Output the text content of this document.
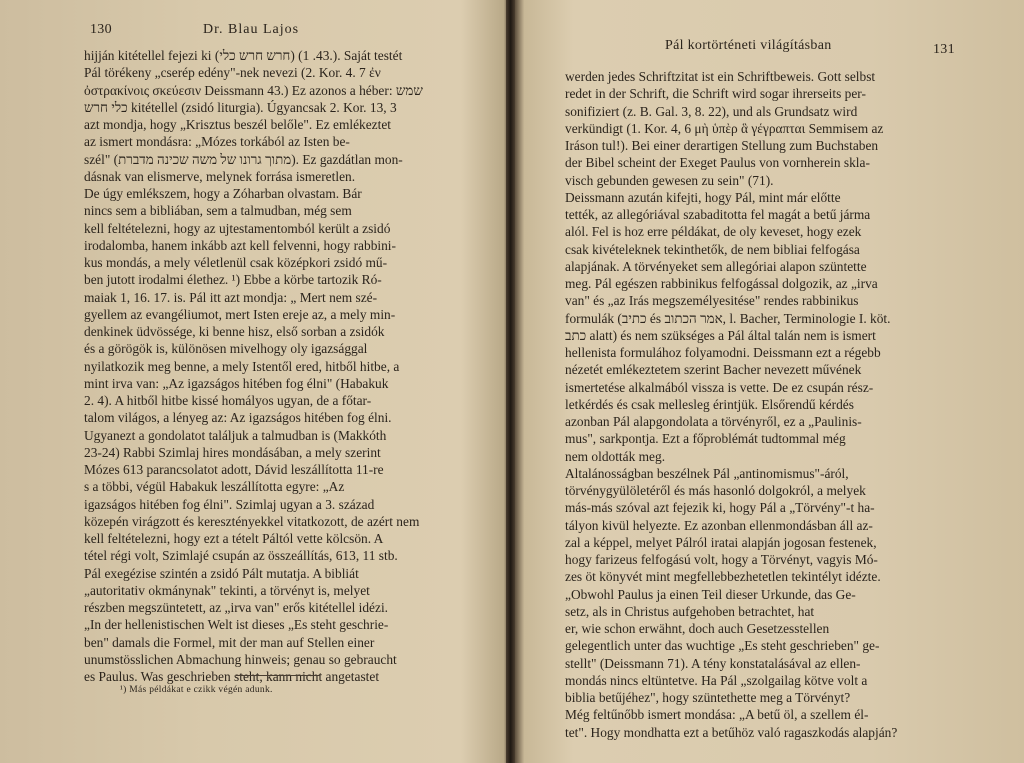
130	Dr. Blau Lajos
hijján kitétellel fejezi ki (חרש חרש כלי) (43. 1.). Saját testét
Pál törékeny „cserép edény"-nek nevezi (2. Kor. 4. 7 ἐν
ὀστρακίνοις σκεύεσιν Deissmann 43.) Ez azonos a héber: שמש
כלי חרש kitétellel (zsidó liturgia). Úgyancsak 2. Kor. 13, 3
azt mondja, hogy „Krisztus beszél belőle". Ez emlékeztet
az ismert mondásra: „Mózes torkából az Isten be-
szél" (מתוך גרונו של משה שכינה מדברת). Ez gazdátlan mon-
dásnak van elismerve, melynek forrása ismeretlen.
De úgy emlékszem, hogy a Zóharban olvastam. Bár
nincs sem a bibliában, sem a talmudban, még sem
kell feltételezni, hogy az ujtestamentomból került a zsidó
irodalomba, hanem inkább azt kell felvenni, hogy rabbini-
kus mondás, a mely véletlenül csak középkori zsidó mű-
ben jutott irodalmi élethez. ¹) Ebbe a körbe tartozik Ró-
maiak 1, 16. 17. is. Pál itt azt mondja: „ Mert nem szé-
gyellem az evangéliumot, mert Isten ereje az, a mely min-
denkinek üdvössége, ki benne hisz, első sorban a zsidók
és a görögök is, különösen mivelhogy oly igazsággal
nyilatkozik meg benne, a mely Istentől ered, hitből hitbe, a
mint irva van: „Az igazságos hitében fog élni" (Habakuk
2. 4). A hitből hitbe kissé homályos ugyan, de a főtar-
talom világos, a lényeg az: Az igazságos hitében fog élni.
Ugyanezt a gondolatot találjuk a talmudban is (Makkóth
23-24) Rabbi Szimlaj hires mondásában, a mely szerint
Mózes 613 parancsolatot adott, Dávid leszállította 11-re
s a többi, végül Habakuk leszállította egyre: „Az
igazságos hitében fog élni". Szimlaj ugyan a 3. század
közepén virágzott és keresztényekkel vitatkozott, de azért nem
kell feltételezni, hogy ezt a tételt Páltól vette kölcsön. A
tétel régi volt, Szimlajé csupán az összeállítás, 613, 11 stb.
Pál exegézise szintén a zsidó Pált mutatja. A bibliát
„autoritativ okmánynak" tekinti, a törvényt is, melyet
részben megszüntetett, az „irva van" erős kitétellel idézi.
„In der hellenistischen Welt ist dieses „Es steht geschrie-
ben" damals die Formel, mit der man auf Stellen einer
unumstösslichen Abmachung hinweis; genau so gebraucht
es Paulus. Was geschrieben steht, kann nicht angetastet
¹) Más példákat e czikk végén adunk.
Pál kortörténeti világításban	131
werden jedes Schriftzitat ist ein Schriftbeweis. Gott selbst
redet in der Schrift, die Schrift wird sogar ihrerseits per-
sonifiziert (z. B. Gal. 3, 8. 22), und als Grundsatz wird
verkündigt (1. Kor. 4, 6 μὴ ὑπὲρ ἃ γέγραπται Semmisem az
Iráson tul!). Bei einer derartigen Stellung zum Buchstaben
der Bibel scheint der Exeget Paulus von vornherein skla-
visch gebunden gewesen zu sein" (71).
Deissmann azután kifejti, hogy Pál, mint már előtte
tették, az allegóriával szabaditotta fel magát a betű járma
alól. Fel is hoz erre példákat, de oly keveset, hogy ezek
csak kivételeknek tekinthetők, de nem bibliai felfogása
alapjának. A törvényeket sem allegóriai alapon szüntette
meg. Pál egészen rabbinikus felfogással dolgozik, az „irva
van" és „az Irás megszemélyesitése" rendes rabbinikus
formulák (כתיב és אמר הכתוב, l. Bacher, Terminologie I. köt.
כתב alatt) és nem szükséges a Pál által talán nem is ismert
hellenista formulához folyamodni. Deissmann ezt a régebb
nézetét emlékeztetem szerint Bacher nevezett művének
ismertetése alkalmából vissza is vette. De ez csupán rész-
letkérdés és csak mellesleg érintjük. Elsőrendű kérdés
azonban Pál alapgondolata a törvényről, ez a „Paulinis-
mus", sarkpontja. Ezt a főproblémát tudtommal még
nem oldották meg.
Altalánosságban beszélnek Pál „antinomismus"-áról,
törvénygyülöletéről és más hasonló dolgokról, a melyek
más-más szóval azt fejezik ki, hogy Pál a „Törvény"-t ha-
tályon kivül helyezte. Ez azonban ellenmondásban áll az-
zal a képpel, melyet Pálról iratai alapján jogosan festenek,
hogy farizeus felfogású volt, hogy a Törvényt, vagyis Mó-
zes öt könyvét mint megfellebbezhetetlen tekintélyt idézte.
„Obwohl Paulus ja einen Teil dieser Urkunde, das Ge-
setz, als in Christus aufgehoben betrachtet, hat
er, wie schon erwähnt, doch auch Gesetzesstellen
gelegentlich unter das wuchtige „Es steht geschrieben" ge-
stellt" (Deissmann 71). A tény konstatalásával az ellen-
mondás nincs eltüntetve. Ha Pál „szolgailag kötve volt a
biblia betűjéhez", hogy szüntethette meg a Törvényt?
Még feltűnőbb ismert mondása: „A betű öl, a szellem él-
tet". Hogy mondhatta ezt a betűhöz való ragaszkodás alapján?
